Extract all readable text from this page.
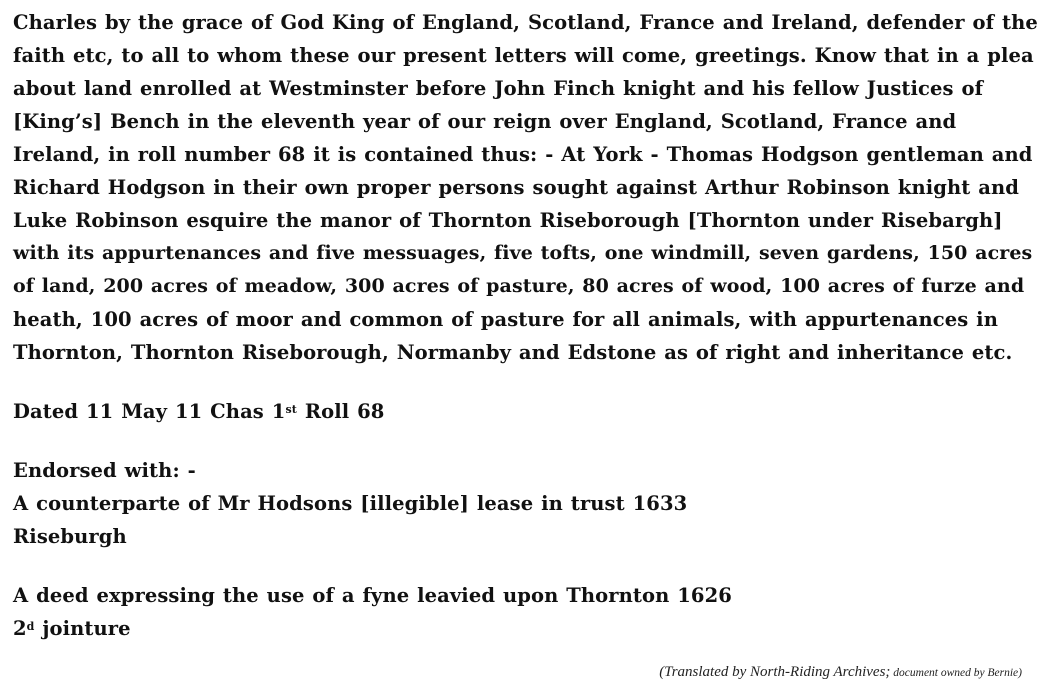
Charles by the grace of God King of England, Scotland, France and Ireland, defender of the
faith etc, to all to whom these our present letters will come, greetings. Know that in a plea
about land enrolled at Westminster before John Finch knight and his fellow Justices of
[King’s] Bench in the eleventh year of our reign over England, Scotland, France and
Ireland, in roll number 68 it is contained thus: - At York - Thomas Hodgson gentleman and
Richard Hodgson in their own proper persons sought against Arthur Robinson knight and
Luke Robinson esquire the manor of Thornton Riseborough [Thornton under Risebargh]
with its appurtenances and five messuages, five tofts, one windmill, seven gardens, 150 acres
of land, 200 acres of meadow, 300 acres of pasture, 80 acres of wood, 100 acres of furze and
heath, 100 acres of moor and common of pasture for all animals, with appurtenances in
Thornton, Thornton Riseborough, Normanby and Edstone as of right and inheritance etc.

Dated 11 May 11 Chas 1st Roll 68

Endorsed with: -
A counterparte of Mr Hodsons [illegible] lease in trust 1633
Riseburgh

A deed expressing the use of a fyne leavied upon Thornton 1626
2$^d$ jointure

(Translated by North-Riding Archives; document owned by Bernie)
